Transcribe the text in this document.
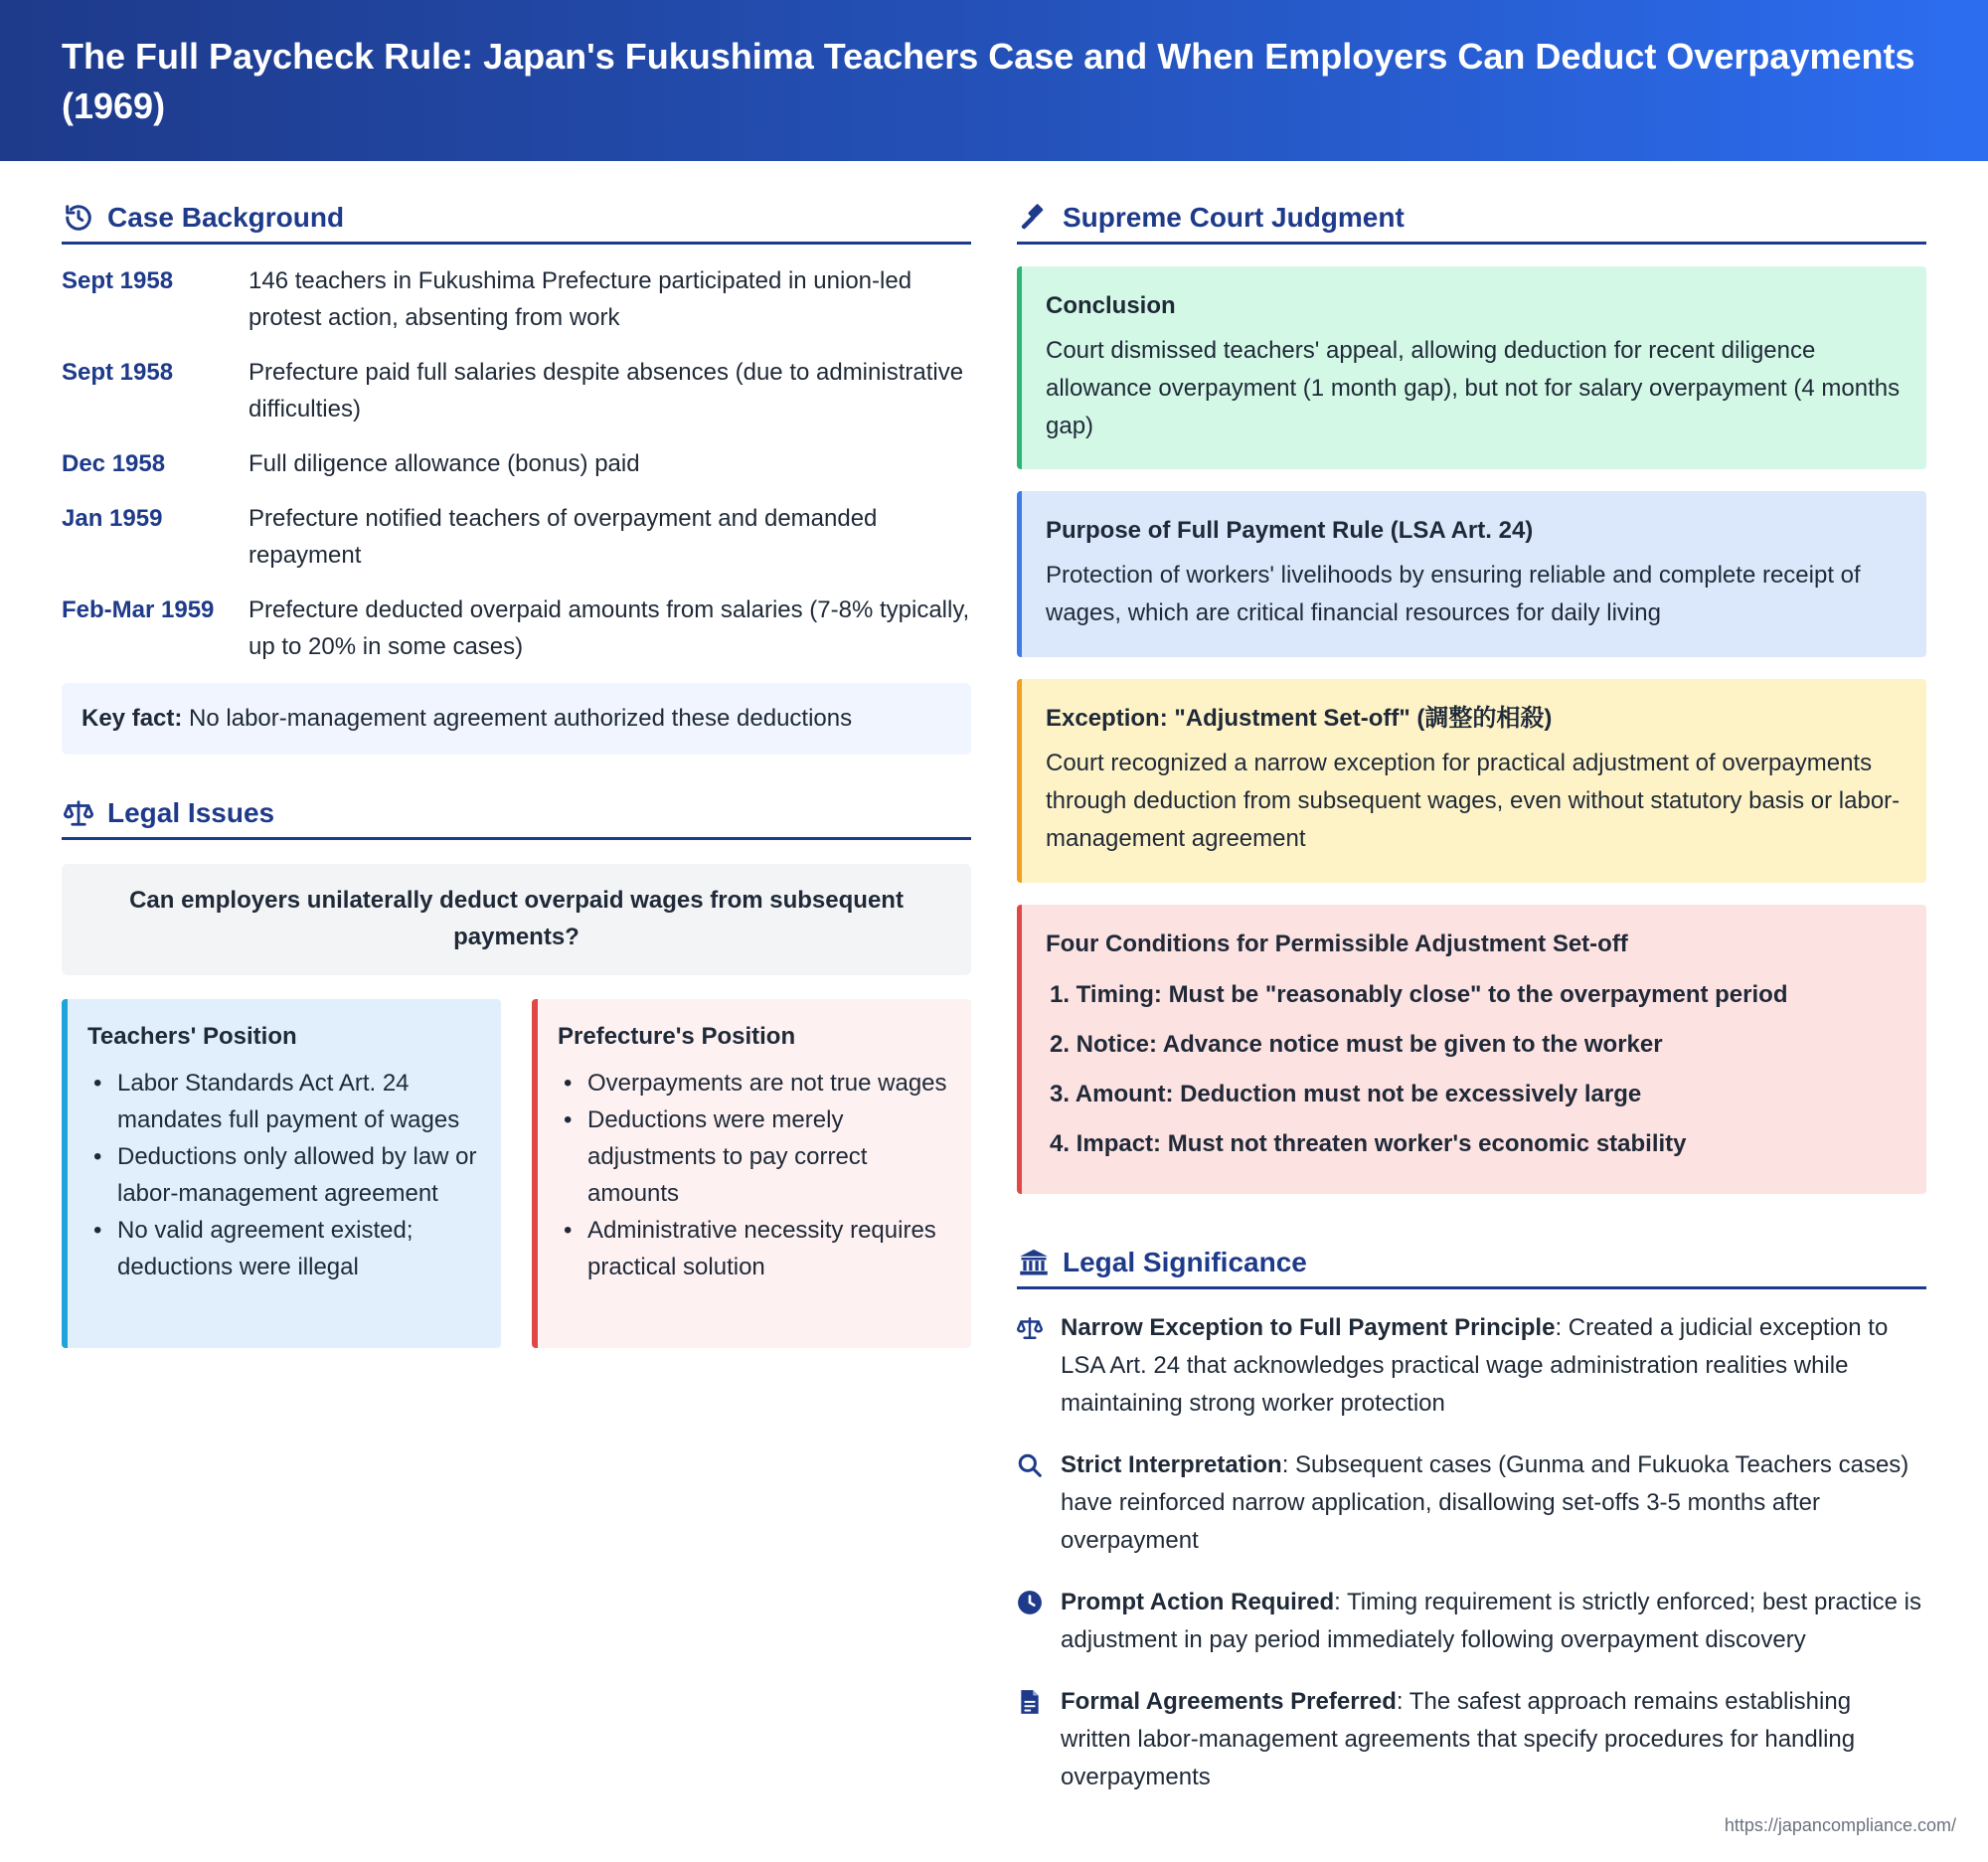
The Full Paycheck Rule: Japan's Fukushima Teachers Case and When Employers Can Deduct Overpayments (1969)
Case Background
Sept 1958	146 teachers in Fukushima Prefecture participated in union-led protest action, absenting from work
Sept 1958	Prefecture paid full salaries despite absences (due to administrative difficulties)
Dec 1958	Full diligence allowance (bonus) paid
Jan 1959	Prefecture notified teachers of overpayment and demanded repayment
Feb-Mar 1959	Prefecture deducted overpaid amounts from salaries (7-8% typically, up to 20% in some cases)
Key fact: No labor-management agreement authorized these deductions
Legal Issues
Can employers unilaterally deduct overpaid wages from subsequent payments?
Teachers' Position
• Labor Standards Act Art. 24 mandates full payment of wages
• Deductions only allowed by law or labor-management agreement
• No valid agreement existed; deductions were illegal
Prefecture's Position
• Overpayments are not true wages
• Deductions were merely adjustments to pay correct amounts
• Administrative necessity requires practical solution
Supreme Court Judgment
Conclusion

Court dismissed teachers' appeal, allowing deduction for recent diligence allowance overpayment (1 month gap), but not for salary overpayment (4 months gap)

Purpose of Full Payment Rule (LSA Art. 24)

Protection of workers' livelihoods by ensuring reliable and complete receipt of wages, which are critical financial resources for daily living

Exception: "Adjustment Set-off" (調整的相殺)

Court recognized a narrow exception for practical adjustment of overpayments through deduction from subsequent wages, even without statutory basis or labor-management agreement

Four Conditions for Permissible Adjustment Set-off
1. Timing: Must be "reasonably close" to the overpayment period
2. Notice: Advance notice must be given to the worker
3. Amount: Deduction must not be excessively large
4. Impact: Must not threaten worker's economic stability
Legal Significance
Narrow Exception to Full Payment Principle: Created a judicial exception to LSA Art. 24 that acknowledges practical wage administration realities while maintaining strong worker protection
Strict Interpretation: Subsequent cases (Gunma and Fukuoka Teachers cases) have reinforced narrow application, disallowing set-offs 3-5 months after overpayment
Prompt Action Required: Timing requirement is strictly enforced; best practice is adjustment in pay period immediately following overpayment discovery
Formal Agreements Preferred: The safest approach remains establishing written labor-management agreements that specify procedures for handling overpayments
https://japancompliance.com/
